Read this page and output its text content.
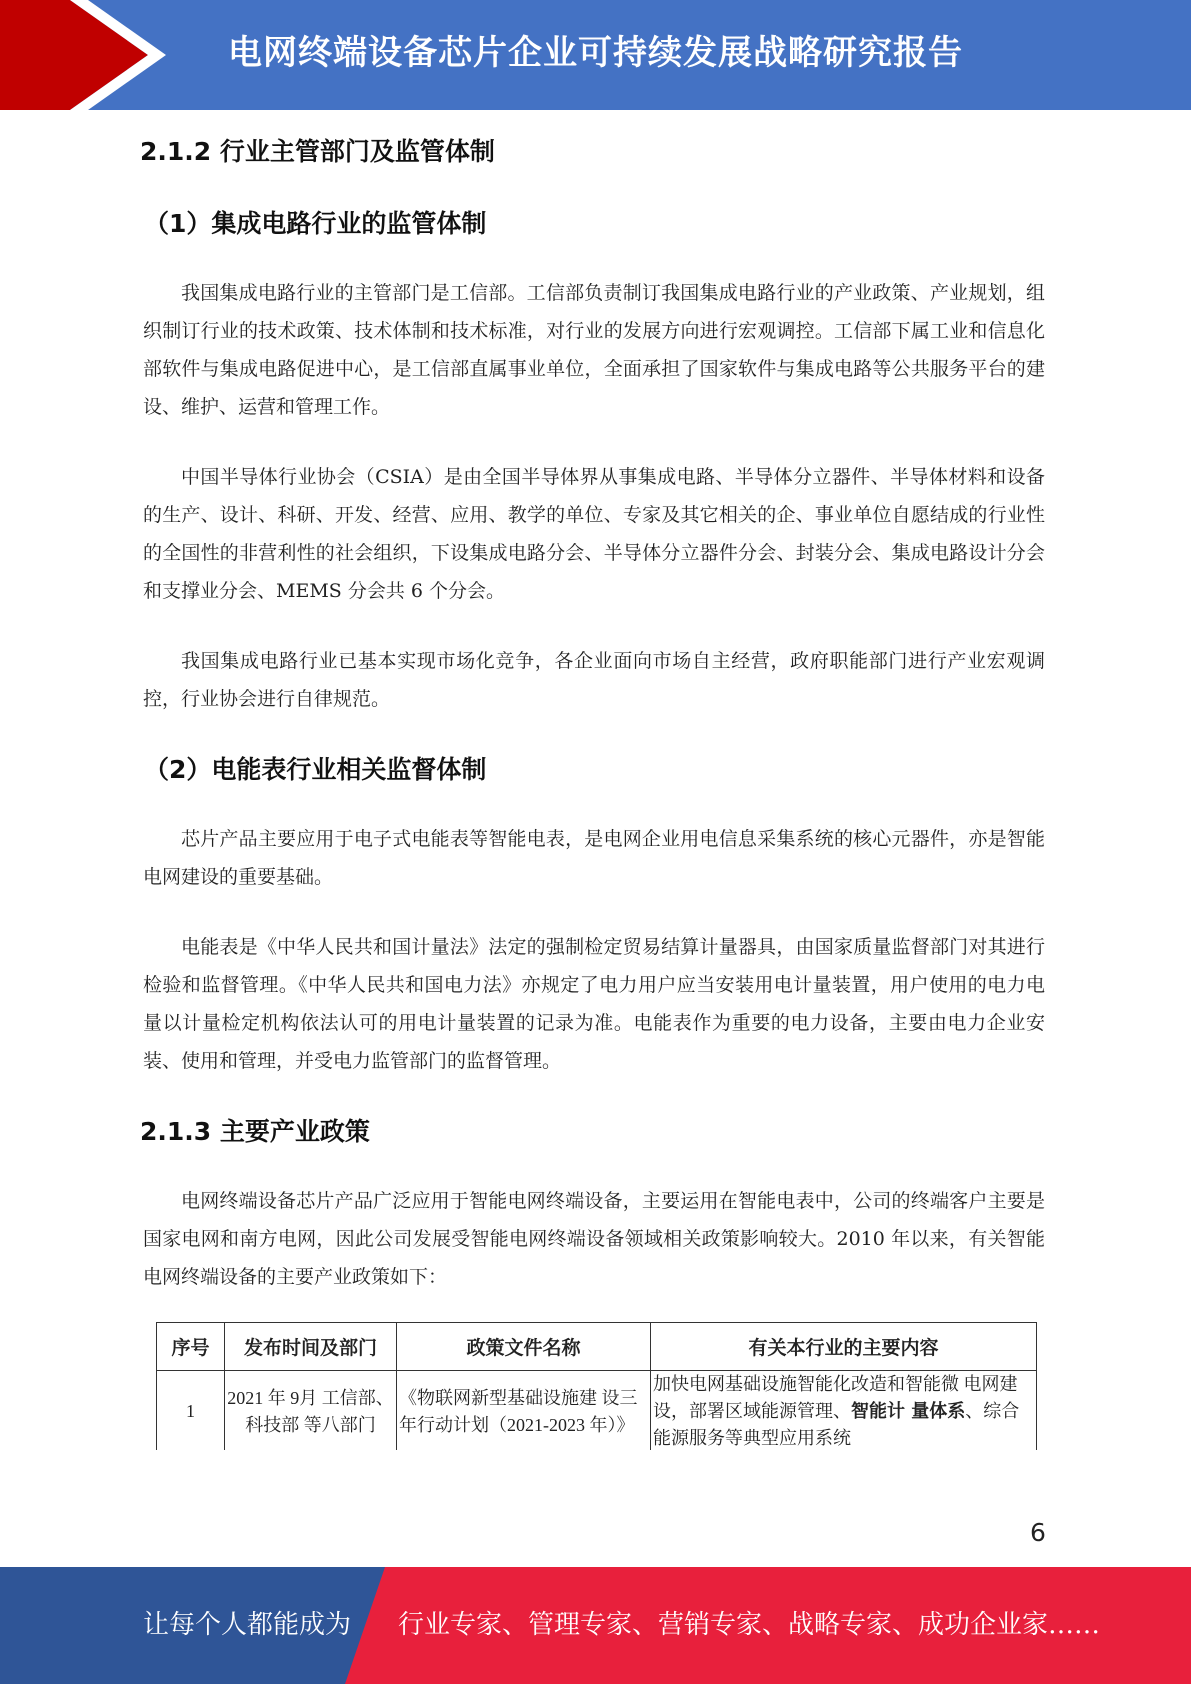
电网终端设备芯片企业可持续发展战略研究报告
2.1.2 行业主管部门及监管体制
（1）集成电路行业的监管体制
我国集成电路行业的主管部门是工信部。工信部负责制订我国集成电路行业的产业政策、产业规划，组织制订行业的技术政策、技术体制和技术标准，对行业的发展方向进行宏观调控。工信部下属工业和信息化部软件与集成电路促进中心，是工信部直属事业单位，全面承担了国家软件与集成电路等公共服务平台的建设、维护、运营和管理工作。
中国半导体行业协会（CSIA）是由全国半导体界从事集成电路、半导体分立器件、半导体材料和设备的生产、设计、科研、开发、经营、应用、教学的单位、专家及其它相关的企、事业单位自愿结成的行业性的全国性的非营利性的社会组织，下设集成电路分会、半导体分立器件分会、封装分会、集成电路设计分会和支撑业分会、MEMS 分会共 6 个分会。
我国集成电路行业已基本实现市场化竞争，各企业面向市场自主经营，政府职能部门进行产业宏观调控，行业协会进行自律规范。
（2）电能表行业相关监督体制
芯片产品主要应用于电子式电能表等智能电表，是电网企业用电信息采集系统的核心元器件，亦是智能电网建设的重要基础。
电能表是《中华人民共和国计量法》法定的强制检定贸易结算计量器具，由国家质量监督部门对其进行检验和监督管理。《中华人民共和国电力法》亦规定了电力用户应当安装用电计量装置，用户使用的电力电量以计量检定机构依法认可的用电计量装置的记录为准。电能表作为重要的电力设备，主要由电力企业安装、使用和管理，并受电力监管部门的监督管理。
2.1.3 主要产业政策
电网终端设备芯片产品广泛应用于智能电网终端设备，主要运用在智能电表中，公司的终端客户主要是国家电网和南方电网，因此公司发展受智能电网终端设备领域相关政策影响较大。2010 年以来，有关智能电网终端设备的主要产业政策如下：
序号	发布时间及部门	政策文件名称	有关本行业的主要内容
1	2021 年 9月 工信部、科技部 等八部门	《物联网新型基础设施建 设三年行动计划（2021-2023 年）》	加快电网基础设施智能化改造和智能微 电网建设，部署区域能源管理、智能计 量体系、综合能源服务等典型应用系统
6
让每个人都能成为 行业专家、管理专家、营销专家、战略专家、成功企业家……
